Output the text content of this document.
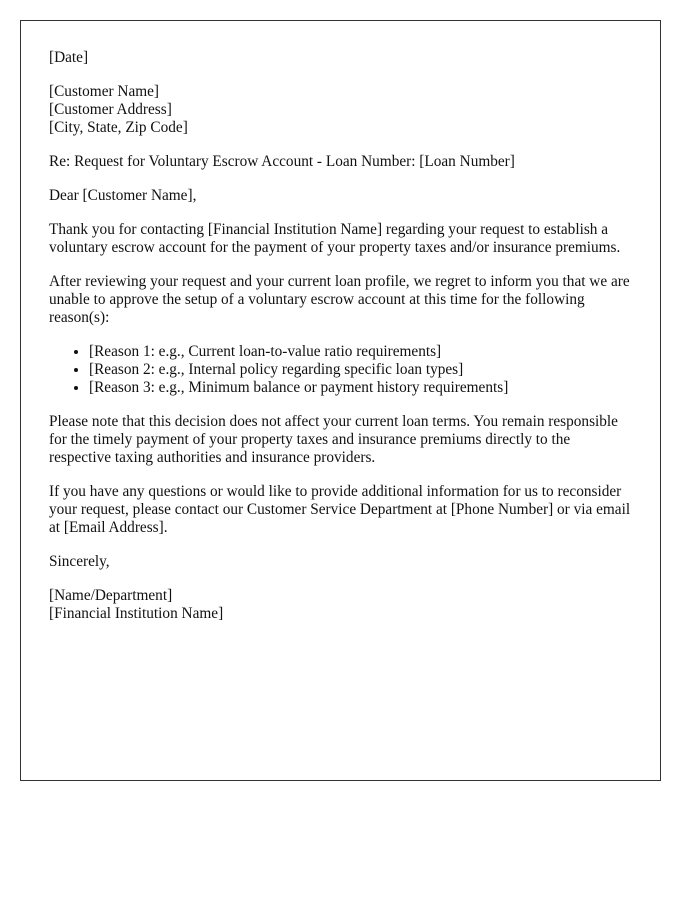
[Date]

[Customer Name]
[Customer Address]
[City, State, Zip Code]

Re: Request for Voluntary Escrow Account - Loan Number: [Loan Number]

Dear [Customer Name],

Thank you for contacting [Financial Institution Name] regarding your request to establish a voluntary escrow account for the payment of your property taxes and/or insurance premiums.

After reviewing your request and your current loan profile, we regret to inform you that we are unable to approve the setup of a voluntary escrow account at this time for the following reason(s):

• [Reason 1: e.g., Current loan-to-value ratio requirements]
• [Reason 2: e.g., Internal policy regarding specific loan types]
• [Reason 3: e.g., Minimum balance or payment history requirements]

Please note that this decision does not affect your current loan terms. You remain responsible for the timely payment of your property taxes and insurance premiums directly to the respective taxing authorities and insurance providers.

If you have any questions or would like to provide additional information for us to reconsider your request, please contact our Customer Service Department at [Phone Number] or via email at [Email Address].

Sincerely,

[Name/Department]
[Financial Institution Name]
